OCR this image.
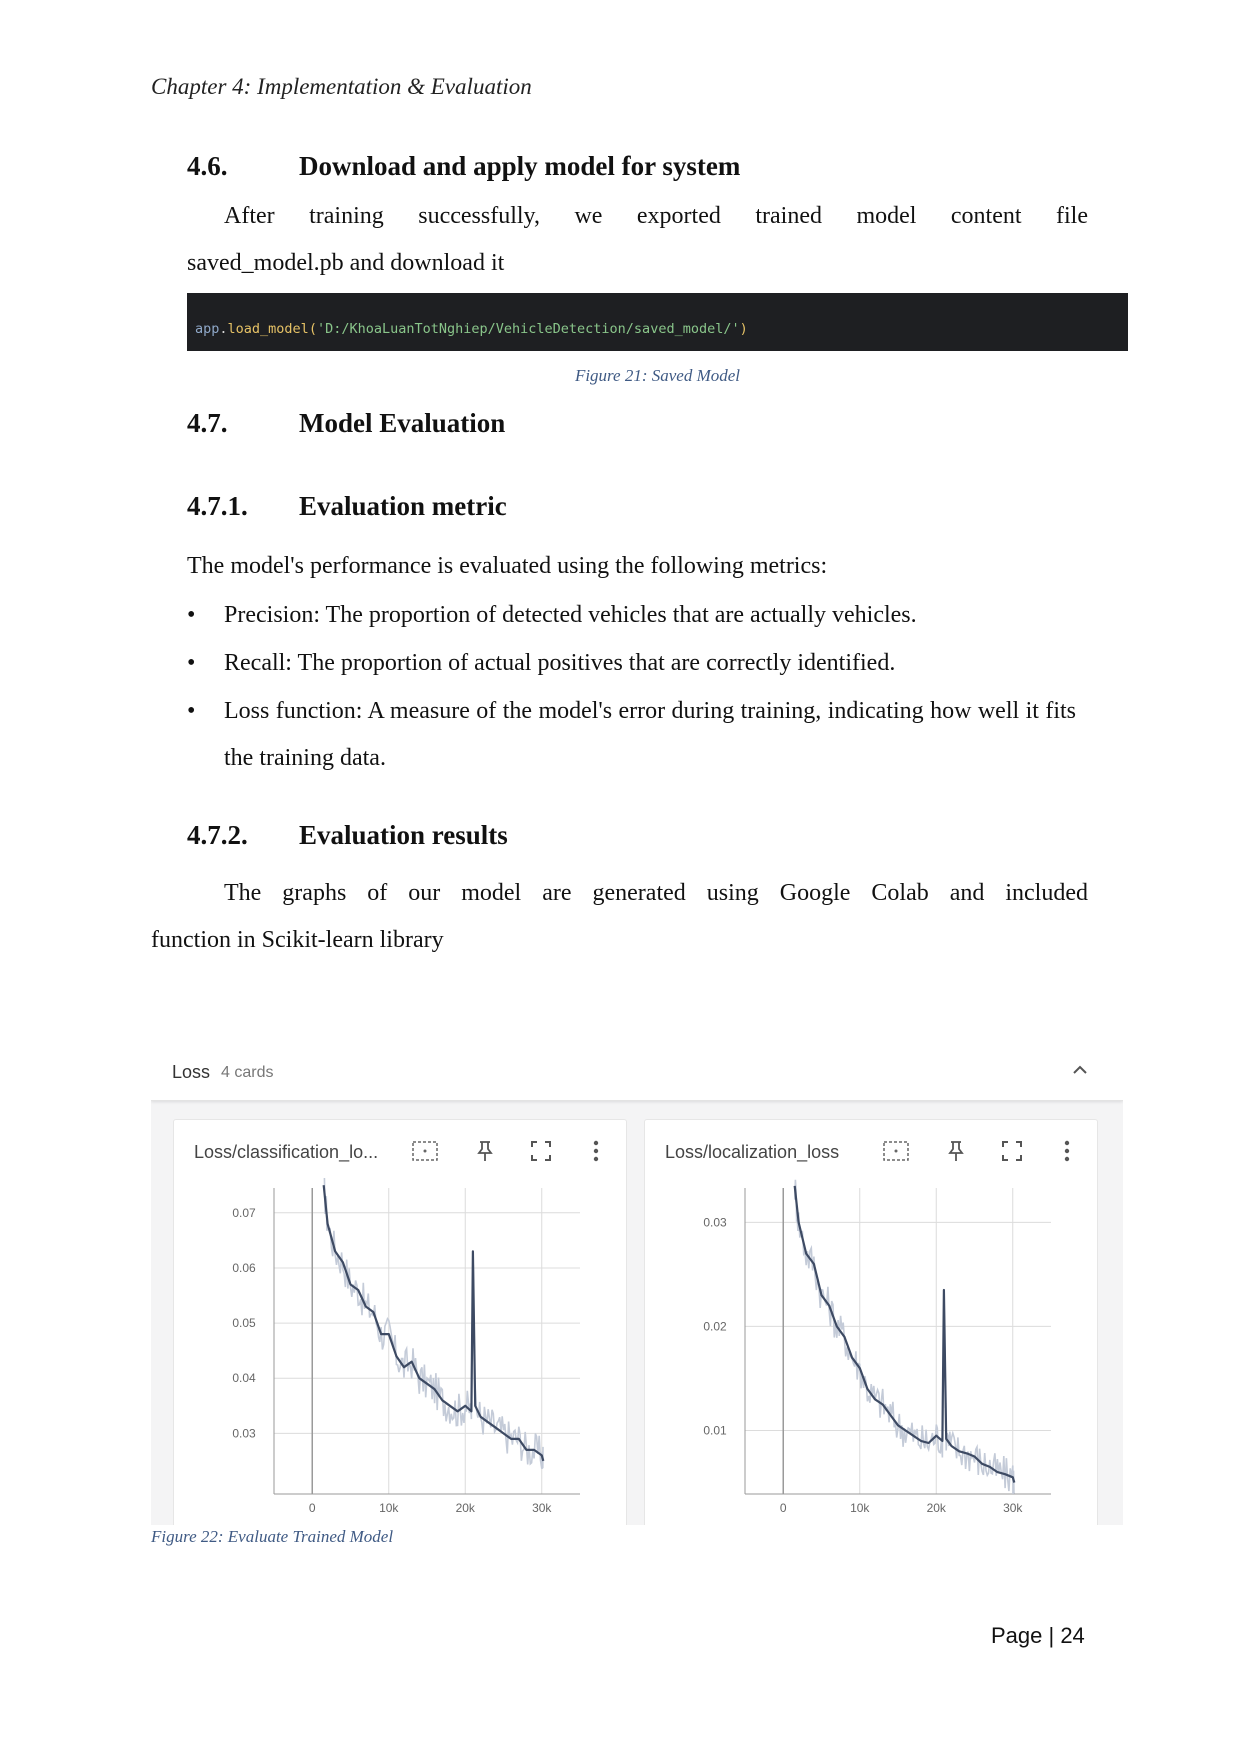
Chapter 4: Implementation & Evaluation
4.6.	Download and apply model for system
After training successfully, we exported trained model content file
saved_model.pb and download it

app.load_model('D:/KhoaLuanTotNghiep/VehicleDetection/saved_model/')

Figure 21: Saved Model
4.7.	Model Evaluation
4.7.1. Evaluation metric
The model's performance is evaluated using the following metrics:
• Precision: The proportion of detected vehicles that are actually vehicles.
• Recall: The proportion of actual positives that are correctly identified.
• Loss function: A measure of the model's error during training, indicating how well it fits the training data.
4.7.2. Evaluation results
The graphs of our model are generated using Google Colab and included
function in Scikit-learn library
Loss 4 cards
Loss/classification_lo...
0.07
0.06
0.05
0.04
0.03
0	10k	20k	30k
Loss/localization_loss
0.03
0.02
0.01
0	10k	20k	30k
Figure 22: Evaluate Trained Model
Page | 24
